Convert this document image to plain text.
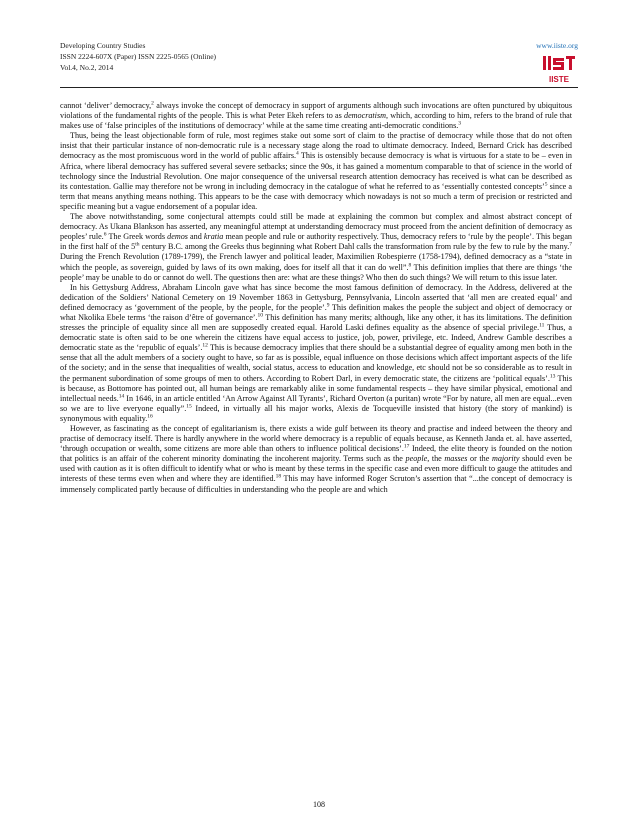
Developing Country Studies
ISSN 2224-607X (Paper) ISSN 2225-0565 (Online)
Vol.4, No.2, 2014
www.iiste.org
IISTE

cannot ‘deliver’ democracy,$^2$ always invoke the concept of democracy in support of arguments although such invocations are often punctured by ubiquitous violations of the fundamental rights of the people. This is what Peter Ekeh refers to as democratism, which, according to him, refers to the brand of rule that makes use of ‘false principles of the institutions of democracy’ while at the same time creating anti-democratic conditions.$^3$

Thus, being the least objectionable form of rule, most regimes stake out some sort of claim to the practise of democracy while those that do not often insist that their particular instance of non-democratic rule is a necessary stage along the road to ultimate democracy. Indeed, Bernard Crick has described democracy as the most promiscuous word in the world of public affairs.$^4$ This is ostensibly because democracy is what is virtuous for a state to be – even in Africa, where liberal democracy has suffered several severe setbacks; since the 90s, it has gained a momentum comparable to that of science in the world of technology since the Industrial Revolution. One major consequence of the universal research attention democracy has received is what can be described as its contestation. Gallie may therefore not be wrong in including democracy in the catalogue of what he referred to as ‘essentially contested concepts’$^5$ since a term that means anything means nothing. This appears to be the case with democracy which nowadays is not so much a term of precision or restricted and specific meaning but a vague endorsement of a popular idea.

The above notwithstanding, some conjectural attempts could still be made at explaining the common but complex and almost abstract concept of democracy. As Ukana Blankson has asserted, any meaningful attempt at understanding democracy must proceed from the ancient definition of democracy as peoples’ rule.$^6$ The Greek words demos and kratia mean people and rule or authority respectively. Thus, democracy refers to ‘rule by the people’. This began in the first half of the 5th century B.C. among the Greeks thus beginning what Robert Dahl calls the transformation from rule by the few to rule by the many.$^7$ During the French Revolution (1789-1799), the French lawyer and political leader, Maximilien Robespierre (1758-1794), defined democracy as a “state in which the people, as sovereign, guided by laws of its own making, does for itself all that it can do well”.$^8$ This definition implies that there are things ‘the people’ may be unable to do or cannot do well. The questions then are: what are these things? Who then do such things? We will return to this issue later.

In his Gettysburg Address, Abraham Lincoln gave what has since become the most famous definition of democracy. In the Address, delivered at the dedication of the Soldiers’ National Cemetery on 19 November 1863 in Gettysburg, Pennsylvania, Lincoln asserted that ‘all men are created equal’ and defined democracy as ‘government of the people, by the people, for the people’.$^9$ This definition makes the people the subject and object of democracy or what Nkolika Ebele terms ‘the raison d’être of governance’.$^{10}$ This definition has many merits; although, like any other, it has its limitations. The definition stresses the principle of equality since all men are supposedly created equal. Harold Laski defines equality as the absence of special privilege.$^{11}$ Thus, a democratic state is often said to be one wherein the citizens have equal access to justice, job, power, privilege, etc. Indeed, Andrew Gamble describes a democratic state as the ‘republic of equals’.$^{12}$ This is because democracy implies that there should be a substantial degree of equality among men both in the sense that all the adult members of a society ought to have, so far as is possible, equal influence on those decisions which affect important aspects of the life of the society; and in the sense that inequalities of wealth, social status, access to education and knowledge, etc should not be so considerable as to result in the permanent subordination of some groups of men to others. According to Robert Darl, in every democratic state, the citizens are ‘political equals’.$^{13}$ This is because, as Bottomore has pointed out, all human beings are remarkably alike in some fundamental respects – they have similar physical, emotional and intellectual needs.$^{14}$ In 1646, in an article entitled ‘An Arrow Against All Tyrants’, Richard Overton (a puritan) wrote “For by nature, all men are equal...even so we are to live everyone equally”.$^{15}$ Indeed, in virtually all his major works, Alexis de Tocqueville insisted that history (the story of mankind) is synonymous with equality.$^{16}$

However, as fascinating as the concept of egalitarianism is, there exists a wide gulf between its theory and practise and indeed between the theory and practise of democracy itself. There is hardly anywhere in the world where democracy is a republic of equals because, as Kenneth Janda et. al. have asserted, ‘through occupation or wealth, some citizens are more able than others to influence political decisions’.$^{17}$ Indeed, the elite theory is founded on the notion that politics is an affair of the coherent minority dominating the incoherent majority. Terms such as the people, the masses or the majority should even be used with caution as it is often difficult to identify what or who is meant by these terms in the specific case and even more difficult to gauge the attitudes and interests of these terms even when and where they are identified.$^{18}$ This may have informed Roger Scruton’s assertion that “...the concept of democracy is immensely complicated partly because of difficulties in understanding who the people are and which

108
